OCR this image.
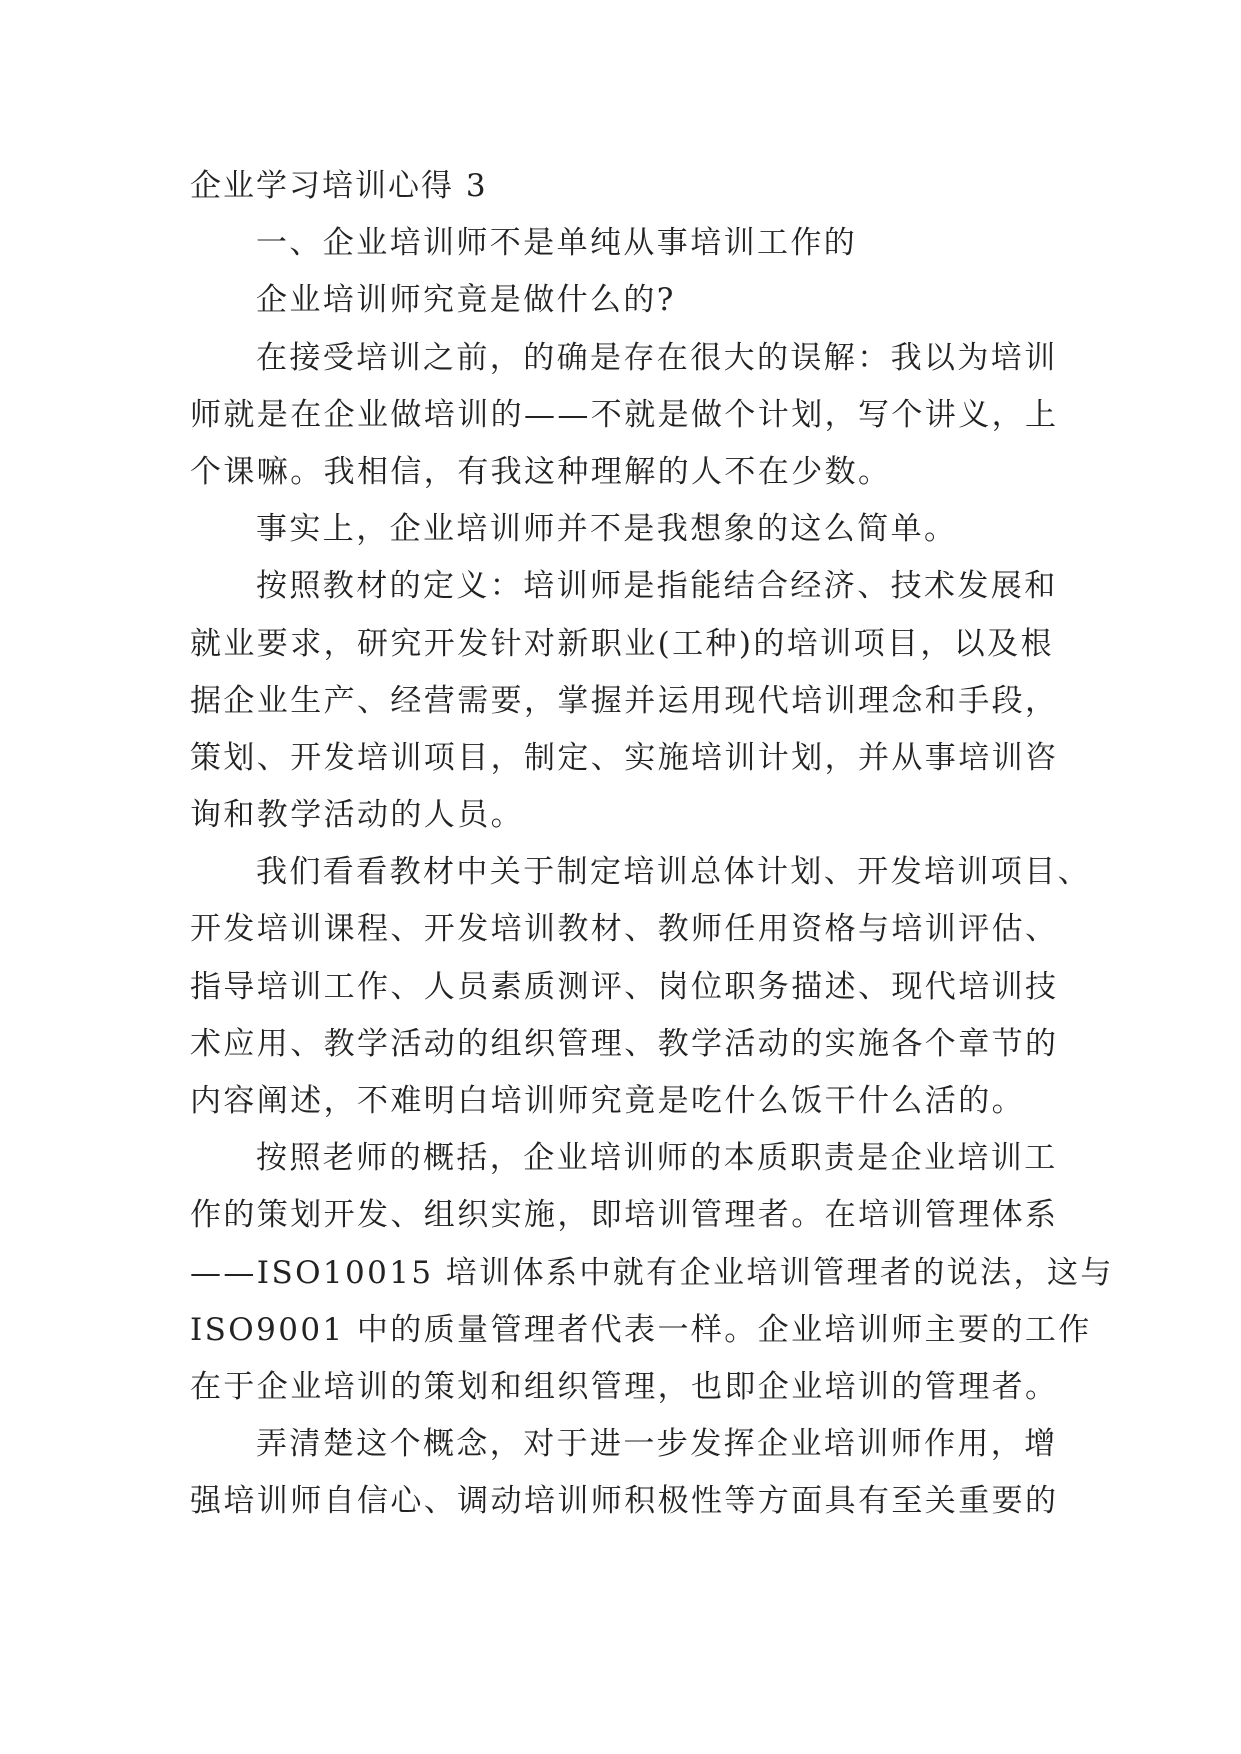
企业学习培训心得 3
一、企业培训师不是单纯从事培训工作的
企业培训师究竟是做什么的?
在接受培训之前，的确是存在很大的误解：我以为培训
师就是在企业做培训的——不就是做个计划，写个讲义，上
个课嘛。我相信，有我这种理解的人不在少数。
事实上，企业培训师并不是我想象的这么简单。
按照教材的定义：培训师是指能结合经济、技术发展和
就业要求，研究开发针对新职业(工种)的培训项目，以及根
据企业生产、经营需要，掌握并运用现代培训理念和手段，
策划、开发培训项目，制定、实施培训计划，并从事培训咨
询和教学活动的人员。
我们看看教材中关于制定培训总体计划、开发培训项目、
开发培训课程、开发培训教材、教师任用资格与培训评估、
指导培训工作、人员素质测评、岗位职务描述、现代培训技
术应用、教学活动的组织管理、教学活动的实施各个章节的
内容阐述，不难明白培训师究竟是吃什么饭干什么活的。
按照老师的概括，企业培训师的本质职责是企业培训工
作的策划开发、组织实施，即培训管理者。在培训管理体系
——ISO10015 培训体系中就有企业培训管理者的说法，这与
ISO9001 中的质量管理者代表一样。企业培训师主要的工作
在于企业培训的策划和组织管理，也即企业培训的管理者。
弄清楚这个概念，对于进一步发挥企业培训师作用，增
强培训师自信心、调动培训师积极性等方面具有至关重要的
